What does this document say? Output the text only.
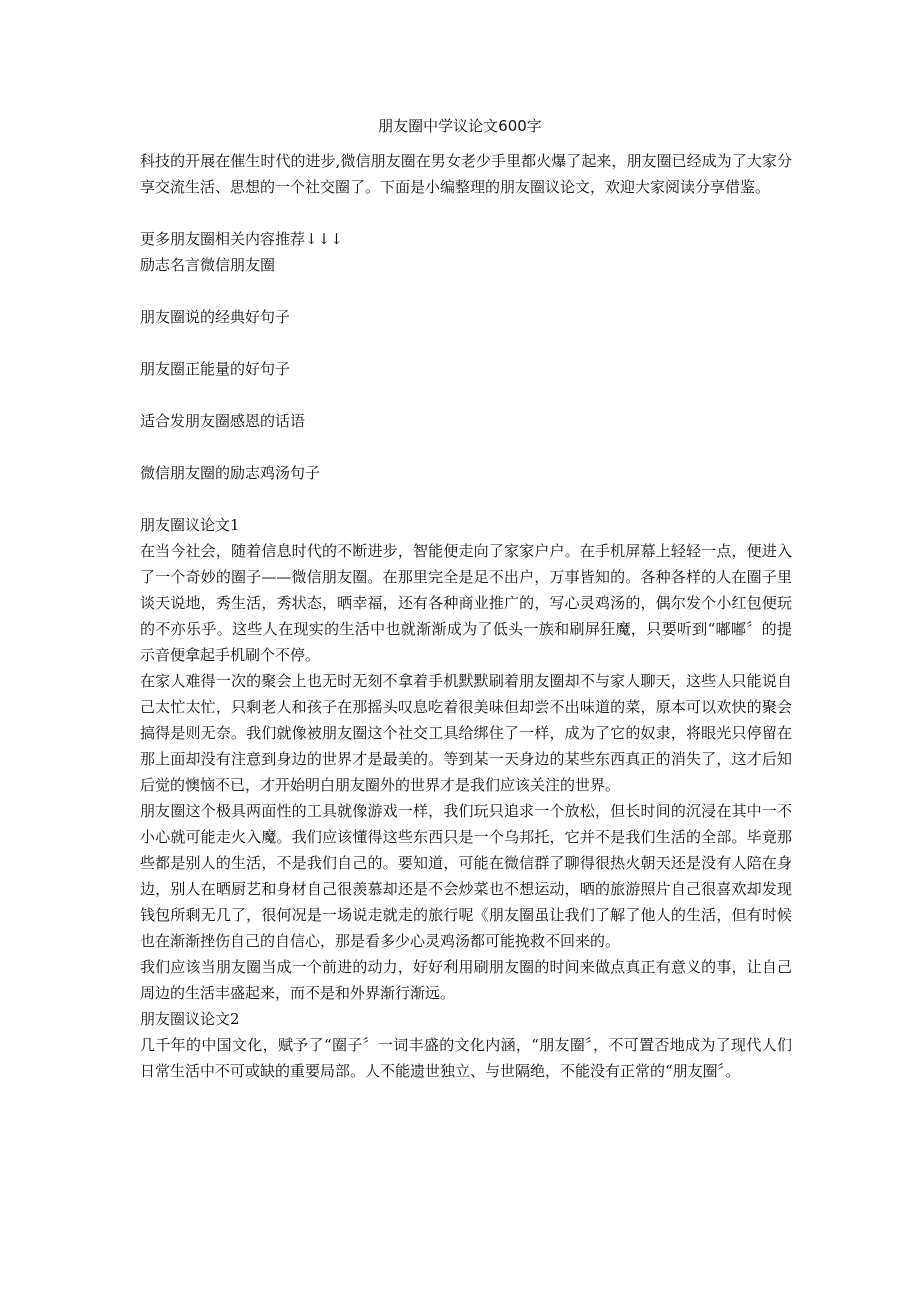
朋友圈中学议论文600字

科技的开展在催生时代的进步,微信朋友圈在男女老少手里都火爆了起来，朋友圈已经成为了大家分享交流生活、思想的一个社交圈了。下面是小编整理的朋友圈议论文，欢迎大家阅读分享借鉴。

更多朋友圈相关内容推荐↓↓↓

励志名言微信朋友圈

朋友圈说的经典好句子

朋友圈正能量的好句子

适合发朋友圈感恩的话语

微信朋友圈的励志鸡汤句子

朋友圈议论文1

在当今社会，随着信息时代的不断进步，智能便走向了家家户户。在手机屏幕上轻轻一点，便进入了一个奇妙的圈子——微信朋友圈。在那里完全是足不出户，万事皆知的。各种各样的人在圈子里谈天说地，秀生活，秀状态，晒幸福，还有各种商业推广的，写心灵鸡汤的，偶尔发个小红包便玩的不亦乐乎。这些人在现实的生活中也就渐渐成为了低头一族和刷屏狂魔，只要听到“嘟嘟〞的提示音便拿起手机刷个不停。

在家人难得一次的聚会上也无时无刻不拿着手机默默刷着朋友圈却不与家人聊天，这些人只能说自己太忙太忙，只剩老人和孩子在那摇头叹息吃着很美味但却尝不出味道的菜，原本可以欢快的聚会搞得是则无奈。我们就像被朋友圈这个社交工具给绑住了一样，成为了它的奴隶，将眼光只停留在那上面却没有注意到身边的世界才是最美的。等到某一天身边的某些东西真正的消失了，这才后知后觉的懊恼不已，才开始明白朋友圈外的世界才是我们应该关注的世界。

朋友圈这个极具两面性的工具就像游戏一样，我们玩只追求一个放松，但长时间的沉浸在其中一不小心就可能走火入魔。我们应该懂得这些东西只是一个乌邦托，它并不是我们生活的全部。毕竟那些都是别人的生活，不是我们自己的。要知道，可能在微信群了聊得很热火朝天还是没有人陪在身边，别人在晒厨艺和身材自己很羡慕却还是不会炒菜也不想运动，晒的旅游照片自己很喜欢却发现钱包所剩无几了，很何况是一场说走就走的旅行呢《朋友圈虽让我们了解了他人的生活，但有时候也在渐渐挫伤自己的自信心，那是看多少心灵鸡汤都可能挽救不回来的。

我们应该当朋友圈当成一个前进的动力，好好利用刷朋友圈的时间来做点真正有意义的事，让自己周边的生活丰盛起来，而不是和外界渐行渐远。

朋友圈议论文2

几千年的中国文化，赋予了“圈子〞一词丰盛的文化内涵，“朋友圈〞，不可置否地成为了现代人们日常生活中不可或缺的重要局部。人不能遗世独立、与世隔绝，不能没有正常的“朋友圈〞。
